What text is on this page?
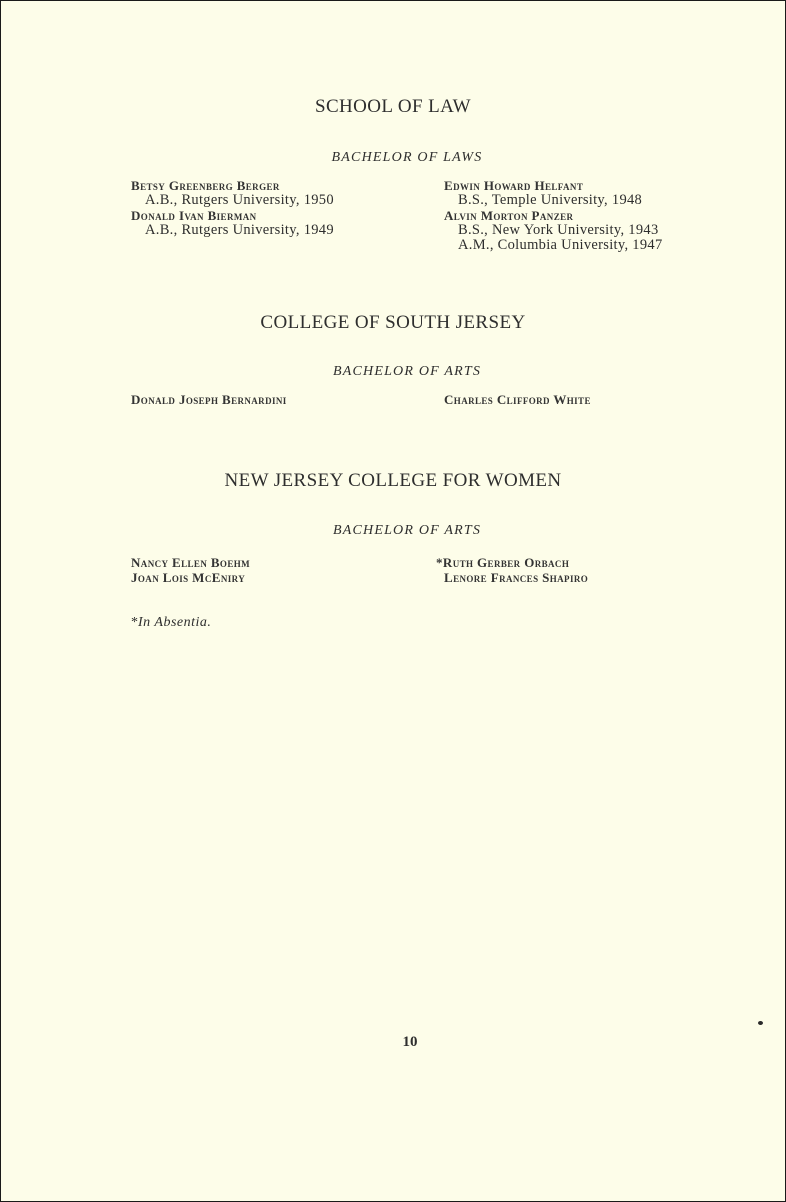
SCHOOL OF LAW
BACHELOR OF LAWS
Betsy Greenberg Berger
A.B., Rutgers University, 1950
Donald Ivan Bierman
A.B., Rutgers University, 1949
Edwin Howard Helfant
B.S., Temple University, 1948
Alvin Morton Panzer
B.S., New York University, 1943
A.M., Columbia University, 1947
COLLEGE OF SOUTH JERSEY
BACHELOR OF ARTS
Donald Joseph Bernardini	Charles Clifford White
NEW JERSEY COLLEGE FOR WOMEN
BACHELOR OF ARTS
Nancy Ellen Boehm
Joan Lois McEniry
*Ruth Gerber Orbach
Lenore Frances Shapiro
*In Absentia.
10
